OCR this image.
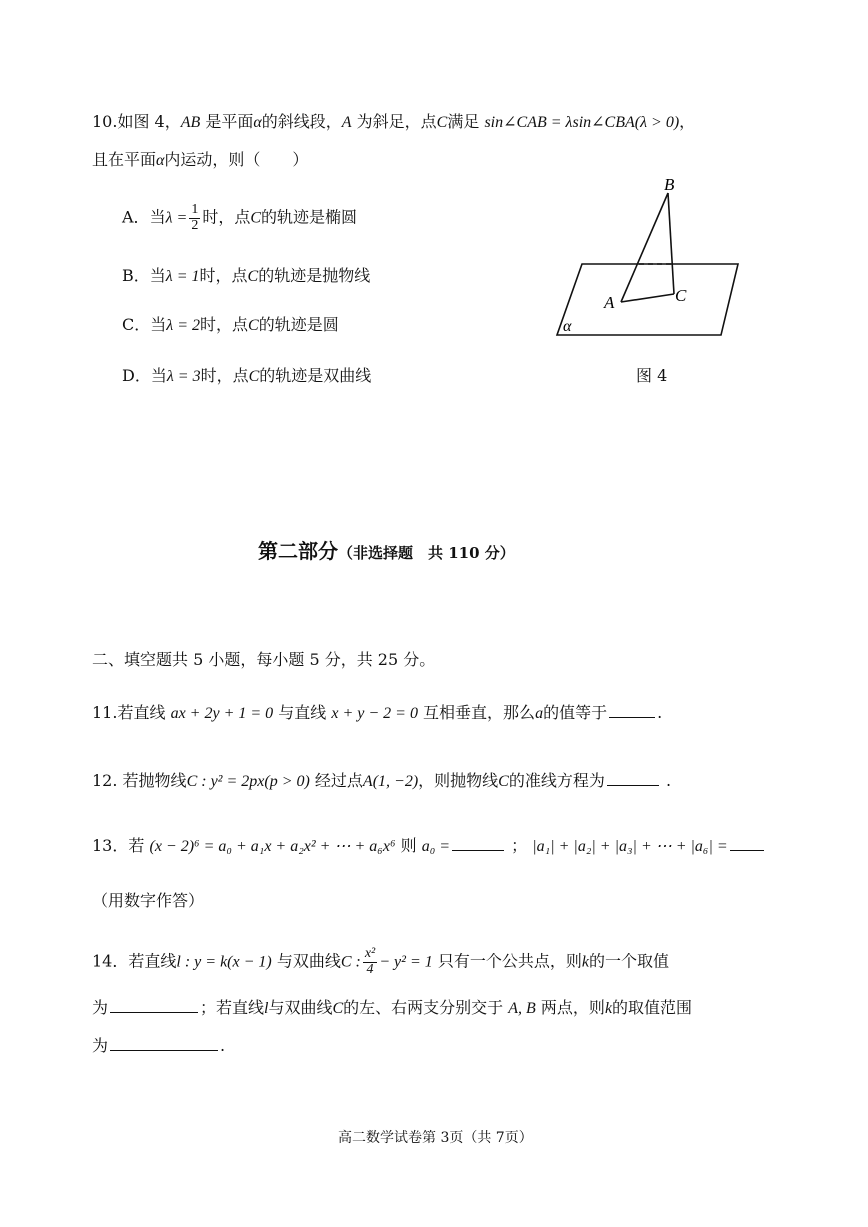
10.如图 4，AB 是平面α的斜线段，A 为斜足，点C满足 sin∠CAB = λsin∠CBA(λ > 0)，
且在平面α内运动，则（　　）
A．当$\lambda = \frac{1}{2}$ 时，点C的轨迹是椭圆
B．当λ = 1时，点C的轨迹是抛物线
C．当λ = 2时，点C的轨迹是圆
D．当λ = 3时，点C的轨迹是双曲线
B
A	C
α
图 4
第二部分（非选择题　共 110 分）
二、填空题共 5 小题，每小题 5 分，共 25 分。
11.若直线 ax + 2y + 1 = 0 与直线 x + y − 2 = 0 互相垂直，那么a的值等于	.
12. 若抛物线C : y² = 2px(p > 0) 经过点A(1, −2)，则抛物线C的准线方程为	.
13．若 (x − 2)⁶ = a₀ + a₁x + a₂x² + ⋯ + a₆x⁶ 则 a₀ =	； |a₁| + |a₂| + |a₃| + ⋯ + |a₆| =
（用数字作答）
14．若直线l : y = k(x − 1) 与双曲线C : $\frac{\text{x²}}{4} - y^2 = 1$ 只有一个公共点，则k的一个取值
为	；若直线l与双曲线C的左、右两支分别交于 A, B 两点，则k的取值范围
为	.
高二数学试卷第 3页（共 7页）
